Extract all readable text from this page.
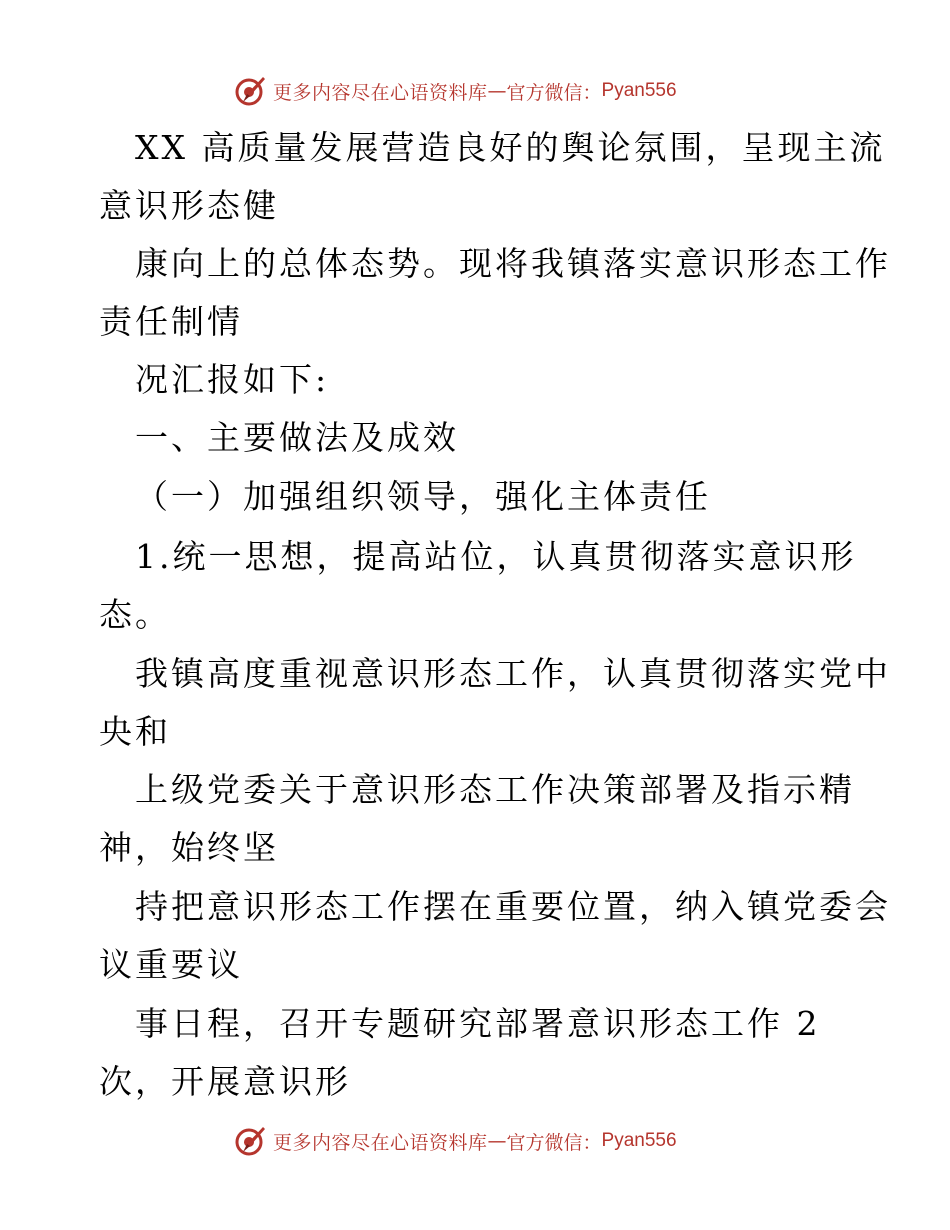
更多内容尽在心语资料库 — 官方微信： Pyan556
XX 高质量发展营造良好的舆论氛围，呈现主流
意识形态健
康向上的总体态势。现将我镇落实意识形态工作
责任制情
况汇报如下:
一、主要做法及成效
（一）加强组织领导，强化主体责任
1.统一思想，提高站位，认真贯彻落实意识形
态。
我镇高度重视意识形态工作，认真贯彻落实党中
央和
上级党委关于意识形态工作决策部署及指示精
神，始终坚
持把意识形态工作摆在重要位置，纳入镇党委会
议重要议
事日程，召开专题研究部署意识形态工作 2
次，开展意识形
更多内容尽在心语资料库 — 官方微信： Pyan556
